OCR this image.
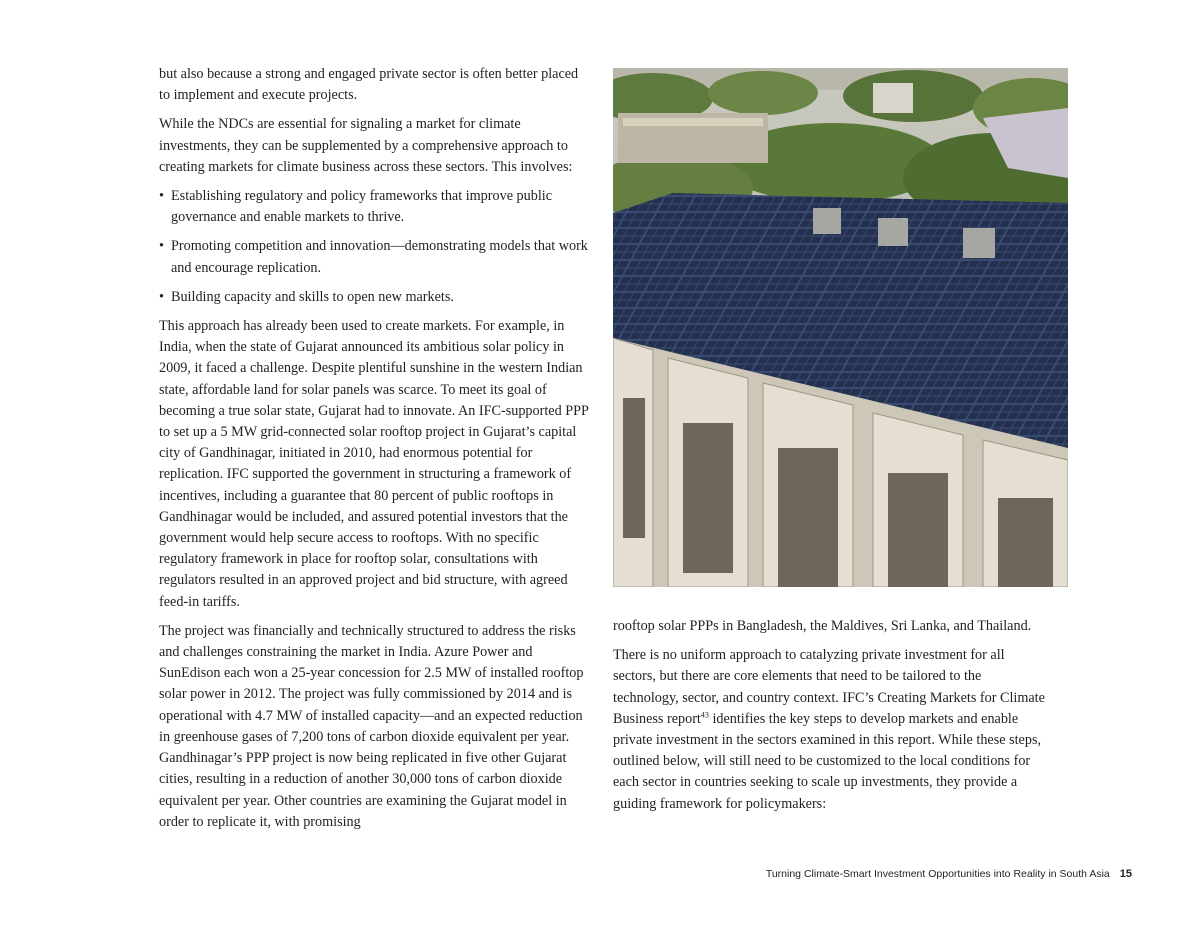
but also because a strong and engaged private sector is often better placed to implement and execute projects.

While the NDCs are essential for signaling a market for climate investments, they can be supplemented by a comprehensive approach to creating markets for climate business across these sectors. This involves:

• Establishing regulatory and policy frameworks that improve public governance and enable markets to thrive.
• Promoting competition and innovation—demonstrating models that work and encourage replication.
• Building capacity and skills to open new markets.

This approach has already been used to create markets. For example, in India, when the state of Gujarat announced its ambitious solar policy in 2009, it faced a challenge. Despite plentiful sunshine in the western Indian state, affordable land for solar panels was scarce. To meet its goal of becoming a true solar state, Gujarat had to innovate. An IFC-supported PPP to set up a 5 MW grid-connected solar rooftop project in Gujarat’s capital city of Gandhinagar, initiated in 2010, had enormous potential for replication. IFC supported the government in structuring a framework of incentives, including a guarantee that 80 percent of public rooftops in Gandhinagar would be included, and assured potential investors that the government would help secure access to rooftops. With no specific regulatory framework in place for rooftop solar, consultations with regulators resulted in an approved project and bid structure, with agreed feed-in tariffs.

The project was financially and technically structured to address the risks and challenges constraining the market in India. Azure Power and SunEdison each won a 25-year concession for 2.5 MW of installed rooftop solar power in 2012. The project was fully commissioned by 2014 and is operational with 4.7 MW of installed capacity—and an expected reduction in greenhouse gases of 7,200 tons of carbon dioxide equivalent per year. Gandhinagar’s PPP project is now being replicated in five other Gujarat cities, resulting in a reduction of another 30,000 tons of carbon dioxide equivalent per year. Other countries are examining the Gujarat model in order to replicate it, with promising

rooftop solar PPPs in Bangladesh, the Maldives, Sri Lanka, and Thailand.

There is no uniform approach to catalyzing private investment for all sectors, but there are core elements that need to be tailored to the technology, sector, and country context. IFC’s Creating Markets for Climate Business report$^{43}$ identifies the key steps to develop markets and enable private investment in the sectors examined in this report. While these steps, outlined below, will still need to be customized to the local conditions for each sector in countries seeking to scale up investments, they provide a guiding framework for policymakers:

Turning Climate-Smart Investment Opportunities into Reality in South Asia 15
